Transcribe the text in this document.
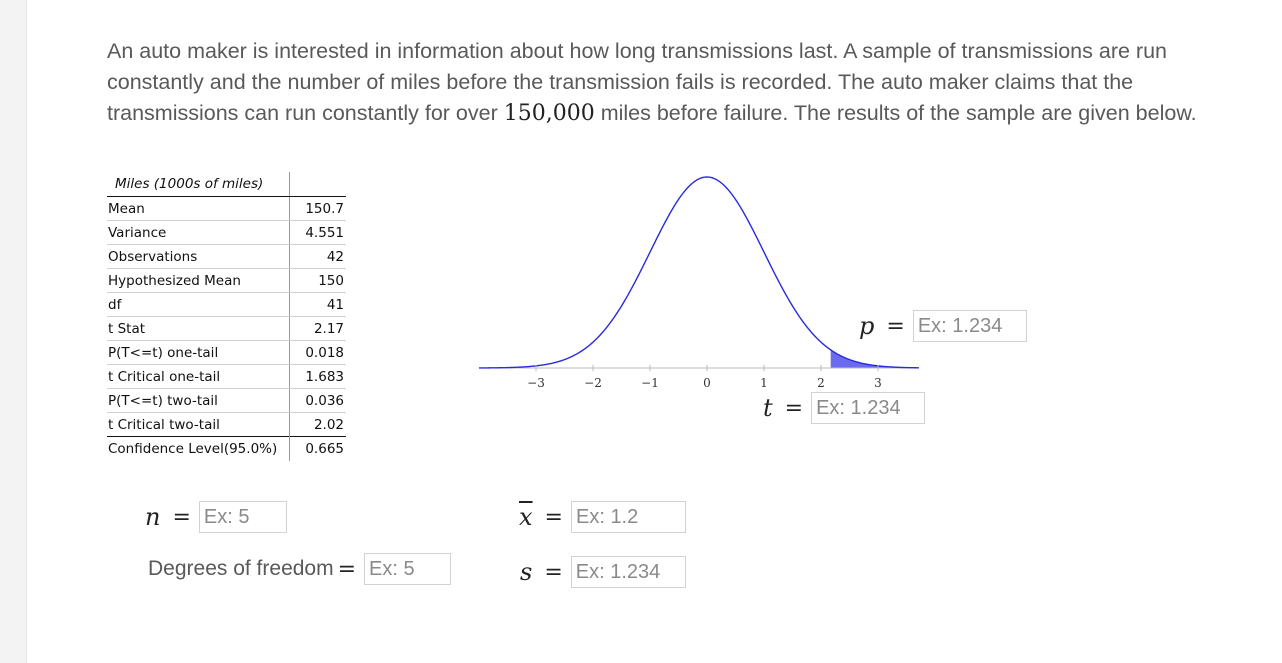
An auto maker is interested in information about how long transmissions last. A sample of transmissions are run constantly and the number of miles before the transmission fails is recorded. The auto maker claims that the transmissions can run constantly for over 150,000 miles before failure. The results of the sample are given below.

Miles (1000s of miles)	
Mean	150.7
Variance	4.551
Observations	42
Hypothesized Mean	150
df	41
t Stat	2.17
P(T<=t) one-tail	0.018
t Critical one-tail	1.683
P(T<=t) two-tail	0.036
t Critical two-tail	2.02
Confidence Level(95.0%)	0.665
−3	−2	−1	0	1	2	3
p =
Ex: 1.234
t =
Ex: 1.234
n =
Ex: 5	$\overline{x}$ =
Ex: 1.2
Degrees of freedom =
Ex: 5	s =
Ex: 1.234
